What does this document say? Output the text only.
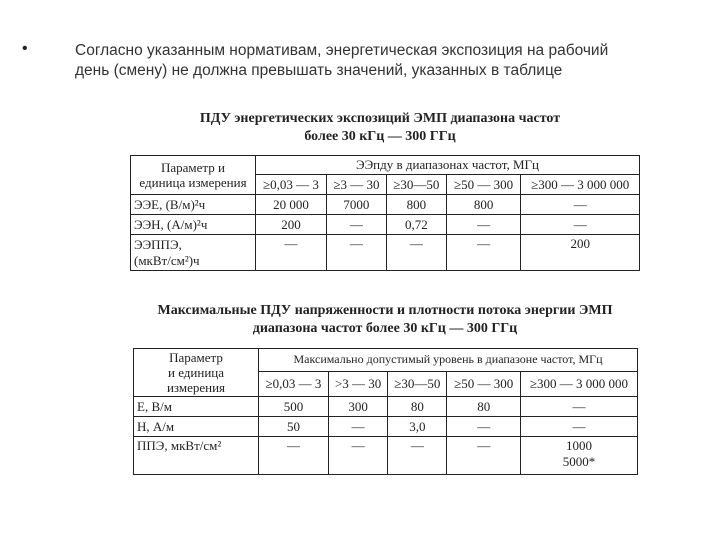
•	Согласно указанным нормативам, энергетическая экспозиция на рабочий
день (смену) не должна превышать значений, указанных в таблице
ПДУ энергетических экспозиций ЭМП диапазона частот
более 30 кГц — 300 ГГц
Параметр и
единица измерения	ЭЭпду в диапазонах частот, МГц				
	≥0,03 — 3	≥3 — 30	≥30—50	≥50 — 300	≥300 — 3 000 000
ЭЭE, (В/м)²ч	20 000	7000	800	800	—
ЭЭH, (А/м)²ч	200	—	0,72	—	—

ЭЭППЭ,
(мкВт/см²)ч	—	—	—	—	200
Максимальные ПДУ напряженности и плотности потока энергии ЭМП
диапазона частот более 30 кГц — 300 ГГц
Параметр
и единица
измерения	Максимально допустимый уровень в диапазоне частот, МГц				
	≥0,03 — 3	>3 — 30	≥30—50	≥50 — 300	≥300 — 3 000 000
E, В/м	500	300	80	80	—
H, А/м	50	—	3,0	—	—
ППЭ, мкВт/см²	—	—	—	—	1000
5000*
